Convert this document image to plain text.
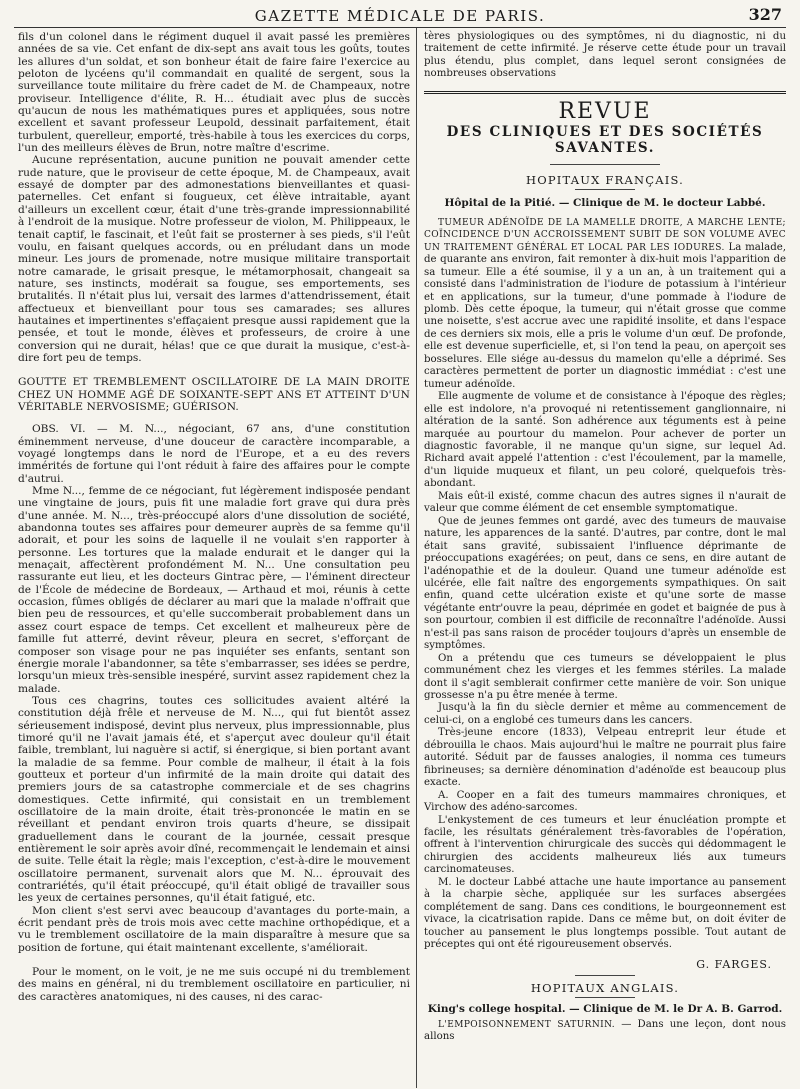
GAZETTE MÉDICALE DE PARIS.	327

fils d'un colonel dans le régiment duquel il avait passé les premières années de sa vie. Cet enfant de dix-sept ans avait tous les goûts, toutes les allures d'un soldat, et son bonheur était de faire faire l'exercice au peloton de lycéens qu'il commandait en qualité de sergent, sous la surveillance toute militaire du frère cadet de M. de Champeaux, notre proviseur. Intelligence d'élite, R. H... étudiait avec plus de succès qu'aucun de nous les mathématiques pures et appliquées, sous notre excellent et savant professeur Leupold, dessinait parfaitement, était turbulent, querelleur, emporté, très-habile à tous les exercices du corps, l'un des meilleurs élèves de Brun, notre maître d'escrime.

Aucune représentation, aucune punition ne pouvait amender cette rude nature, que le proviseur de cette époque, M. de Champeaux, avait essayé de dompter par des admonestations bienveillantes et quasi-paternelles. Cet enfant si fougueux, cet élève intraitable, ayant d'ailleurs un excellent cœur, était d'une très-grande impressionnabilité à l'endroit de la musique. Notre professeur de violon, M. Philippeaux, le tenait captif, le fascinait, et l'eût fait se prosterner à ses pieds, s'il l'eût voulu, en faisant quelques accords, ou en préludant dans un mode mineur. Les jours de promenade, notre musique militaire transportait notre camarade, le grisait presque, le métamorphosait, changeait sa nature, ses instincts, modérait sa fougue, ses emportements, ses brutalités. Il n'était plus lui, versait des larmes d'attendrissement, était affectueux et bienveillant pour tous ses camarades; ses allures hautaines et impertinentes s'effaçaient presque aussi rapidement que la pensée, et tout le monde, élèves et professeurs, de croire à une conversion qui ne durait, hélas! que ce que durait la musique, c'est-à-dire fort peu de temps.

GOUTTE ET TREMBLEMENT OSCILLATOIRE DE LA MAIN DROITE CHEZ UN HOMME AGÉ DE SOIXANTE-SEPT ANS ET ATTEINT D'UN VÉRITABLE NERVOSISME; GUÉRISON.

OBS. VI. — M. N..., négociant, 67 ans, d'une constitution éminemment nerveuse, d'une douceur de caractère incomparable, a voyagé longtemps dans le nord de l'Europe, et a eu des revers immérités de fortune qui l'ont réduit à faire des affaires pour le compte d'autrui.

Mme N..., femme de ce négociant, fut légèrement indisposée pendant une vingtaine de jours, puis fit une maladie fort grave qui dura près d'une année. M. N..., très-préoccupé alors d'une dissolution de société, abandonna toutes ses affaires pour demeurer auprès de sa femme qu'il adorait, et pour les soins de laquelle il ne voulait s'en rapporter à personne. Les tortures que la malade endurait et le danger qui la menaçait, affectèrent profondément M. N... Une consultation peu rassurante eut lieu, et les docteurs Gintrac père, — l'éminent directeur de l'École de médecine de Bordeaux, — Arthaud et moi, réunis à cette occasion, fûmes obligés de déclarer au mari que la malade n'offrait que bien peu de ressources, et qu'elle succomberait probablement dans un assez court espace de temps. Cet excellent et malheureux père de famille fut atterré, devint rêveur, pleura en secret, s'efforçant de composer son visage pour ne pas inquiéter ses enfants, sentant son énergie morale l'abandonner, sa tête s'embarrasser, ses idées se perdre, lorsqu'un mieux très-sensible inespéré, survint assez rapidement chez la malade.

Tous ces chagrins, toutes ces sollicitudes avaient altéré la constitution déjà frêle et nerveuse de M. N..., qui fut bientôt assez sérieusement indisposé, devint plus nerveux, plus impressionnable, plus timoré qu'il ne l'avait jamais été, et s'aperçut avec douleur qu'il était faible, tremblant, lui naguère si actif, si énergique, si bien portant avant la maladie de sa femme. Pour comble de malheur, il était à la fois goutteux et porteur d'un infirmité de la main droite qui datait des premiers jours de sa catastrophe commerciale et de ses chagrins domestiques. Cette infirmité, qui consistait en un tremblement oscillatoire de la main droite, était très-prononcée le matin en se réveillant et pendant environ trois quarts d'heure, se dissipait graduellement dans le courant de la journée, cessait presque entièrement le soir après avoir dîné, recommençait le lendemain et ainsi de suite. Telle était la règle; mais l'exception, c'est-à-dire le mouvement oscillatoire permanent, survenait alors que M. N... éprouvait des contrariétés, qu'il était préoccupé, qu'il était obligé de travailler sous les yeux de certaines personnes, qu'il était fatigué, etc.

Mon client s'est servi avec beaucoup d'avantages du porte-main, a écrit pendant près de trois mois avec cette machine orthopédique, et a vu le tremblement oscillatoire de la main disparaître à mesure que sa position de fortune, qui était maintenant excellente, s'améliorait.

Pour le moment, on le voit, je ne me suis occupé ni du tremblement des mains en général, ni du tremblement oscillatoire en particulier, ni des caractères anatomiques, ni des causes, ni des carac-

tères physiologiques ou des symptômes, ni du diagnostic, ni du traitement de cette infirmité. Je réserve cette étude pour un travail plus étendu, plus complet, dans lequel seront consignées de nombreuses observations

REVUE
DES CLINIQUES ET DES SOCIÉTÉS SAVANTES.
HOPITAUX FRANÇAIS.
Hôpital de la Pitié. — Clinique de M. le docteur Labbé.

TUMEUR ADÉNOÏDE DE LA MAMELLE DROITE, A MARCHE LENTE; COÏNCIDENCE D'UN ACCROISSEMENT SUBIT DE SON VOLUME AVEC UN TRAITEMENT GÉNÉRAL ET LOCAL PAR LES IODURES. La malade, de quarante ans environ, fait remonter à dix-huit mois l'apparition de sa tumeur. Elle a été soumise, il y a un an, à un traitement qui a consisté dans l'administration de l'iodure de potassium à l'intérieur et en applications, sur la tumeur, d'une pommade à l'iodure de plomb. Dès cette époque, la tumeur, qui n'était grosse que comme une noisette, s'est accrue avec une rapidité insolite, et dans l'espace de ces derniers six mois, elle a pris le volume d'un œuf. De profonde, elle est devenue superficielle, et, si l'on tend la peau, on aperçoit ses bosselures. Elle siége au-dessus du mamelon qu'elle a déprimé. Ses caractères permettent de porter un diagnostic immédiat : c'est une tumeur adénoïde.

Elle augmente de volume et de consistance à l'époque des règles; elle est indolore, n'a provoqué ni retentissement ganglionnaire, ni altération de la santé. Son adhérence aux téguments est à peine marquée au pourtour du mamelon. Pour achever de porter un diagnostic favorable, il ne manque qu'un signe, sur lequel Ad. Richard avait appelé l'attention : c'est l'écoulement, par la mamelle, d'un liquide muqueux et filant, un peu coloré, quelquefois très-abondant.

Mais eût-il existé, comme chacun des autres signes il n'aurait de valeur que comme élément de cet ensemble symptomatique.

Que de jeunes femmes ont gardé, avec des tumeurs de mauvaise nature, les apparences de la santé. D'autres, par contre, dont le mal était sans gravité, subissaient l'influence déprimante de préoccupations exagérées; on peut, dans ce sens, en dire autant de l'adénopathie et de la douleur. Quand une tumeur adénoïde est ulcérée, elle fait naître des engorgements sympathiques. On sait enfin, quand cette ulcération existe et qu'une sorte de masse végétante entr'ouvre la peau, déprimée en godet et baignée de pus à son pourtour, combien il est difficile de reconnaître l'adénoïde. Aussi n'est-il pas sans raison de procéder toujours d'après un ensemble de symptômes.

On a prétendu que ces tumeurs se développaient le plus communément chez les vierges et les femmes stériles. La malade dont il s'agit semblerait confirmer cette manière de voir. Son unique grossesse n'a pu être menée à terme.

Jusqu'à la fin du siècle dernier et même au commencement de celui-ci, on a englobé ces tumeurs dans les cancers.

Très-jeune encore (1833), Velpeau entreprit leur étude et débrouilla le chaos. Mais aujourd'hui le maître ne pourrait plus faire autorité. Séduit par de fausses analogies, il nomma ces tumeurs fibrineuses; sa dernière dénomination d'adénoïde est beaucoup plus exacte.

A. Cooper en a fait des tumeurs mammaires chroniques, et Virchow des adéno-sarcomes.

L'enkystement de ces tumeurs et leur énucléation prompte et facile, les résultats généralement très-favorables de l'opération, offrent à l'intervention chirurgicale des succès qui dédommagent le chirurgien des accidents malheureux liés aux tumeurs carcinomateuses.

M. le docteur Labbé attache une haute importance au pansement à la charpie sèche, appliquée sur les surfaces absergées complétement de sang. Dans ces conditions, le bourgeonnement est vivace, la cicatrisation rapide. Dans ce même but, on doit éviter de toucher au pansement le plus longtemps possible. Tout autant de préceptes qui ont été rigoureusement observés.

G. FARGES.
HOPITAUX ANGLAIS.
King's college hospital. — Clinique de M. le Dr A. B. Garrod.

L'EMPOISONNEMENT SATURNIN. — Dans une leçon, dont nous allons
